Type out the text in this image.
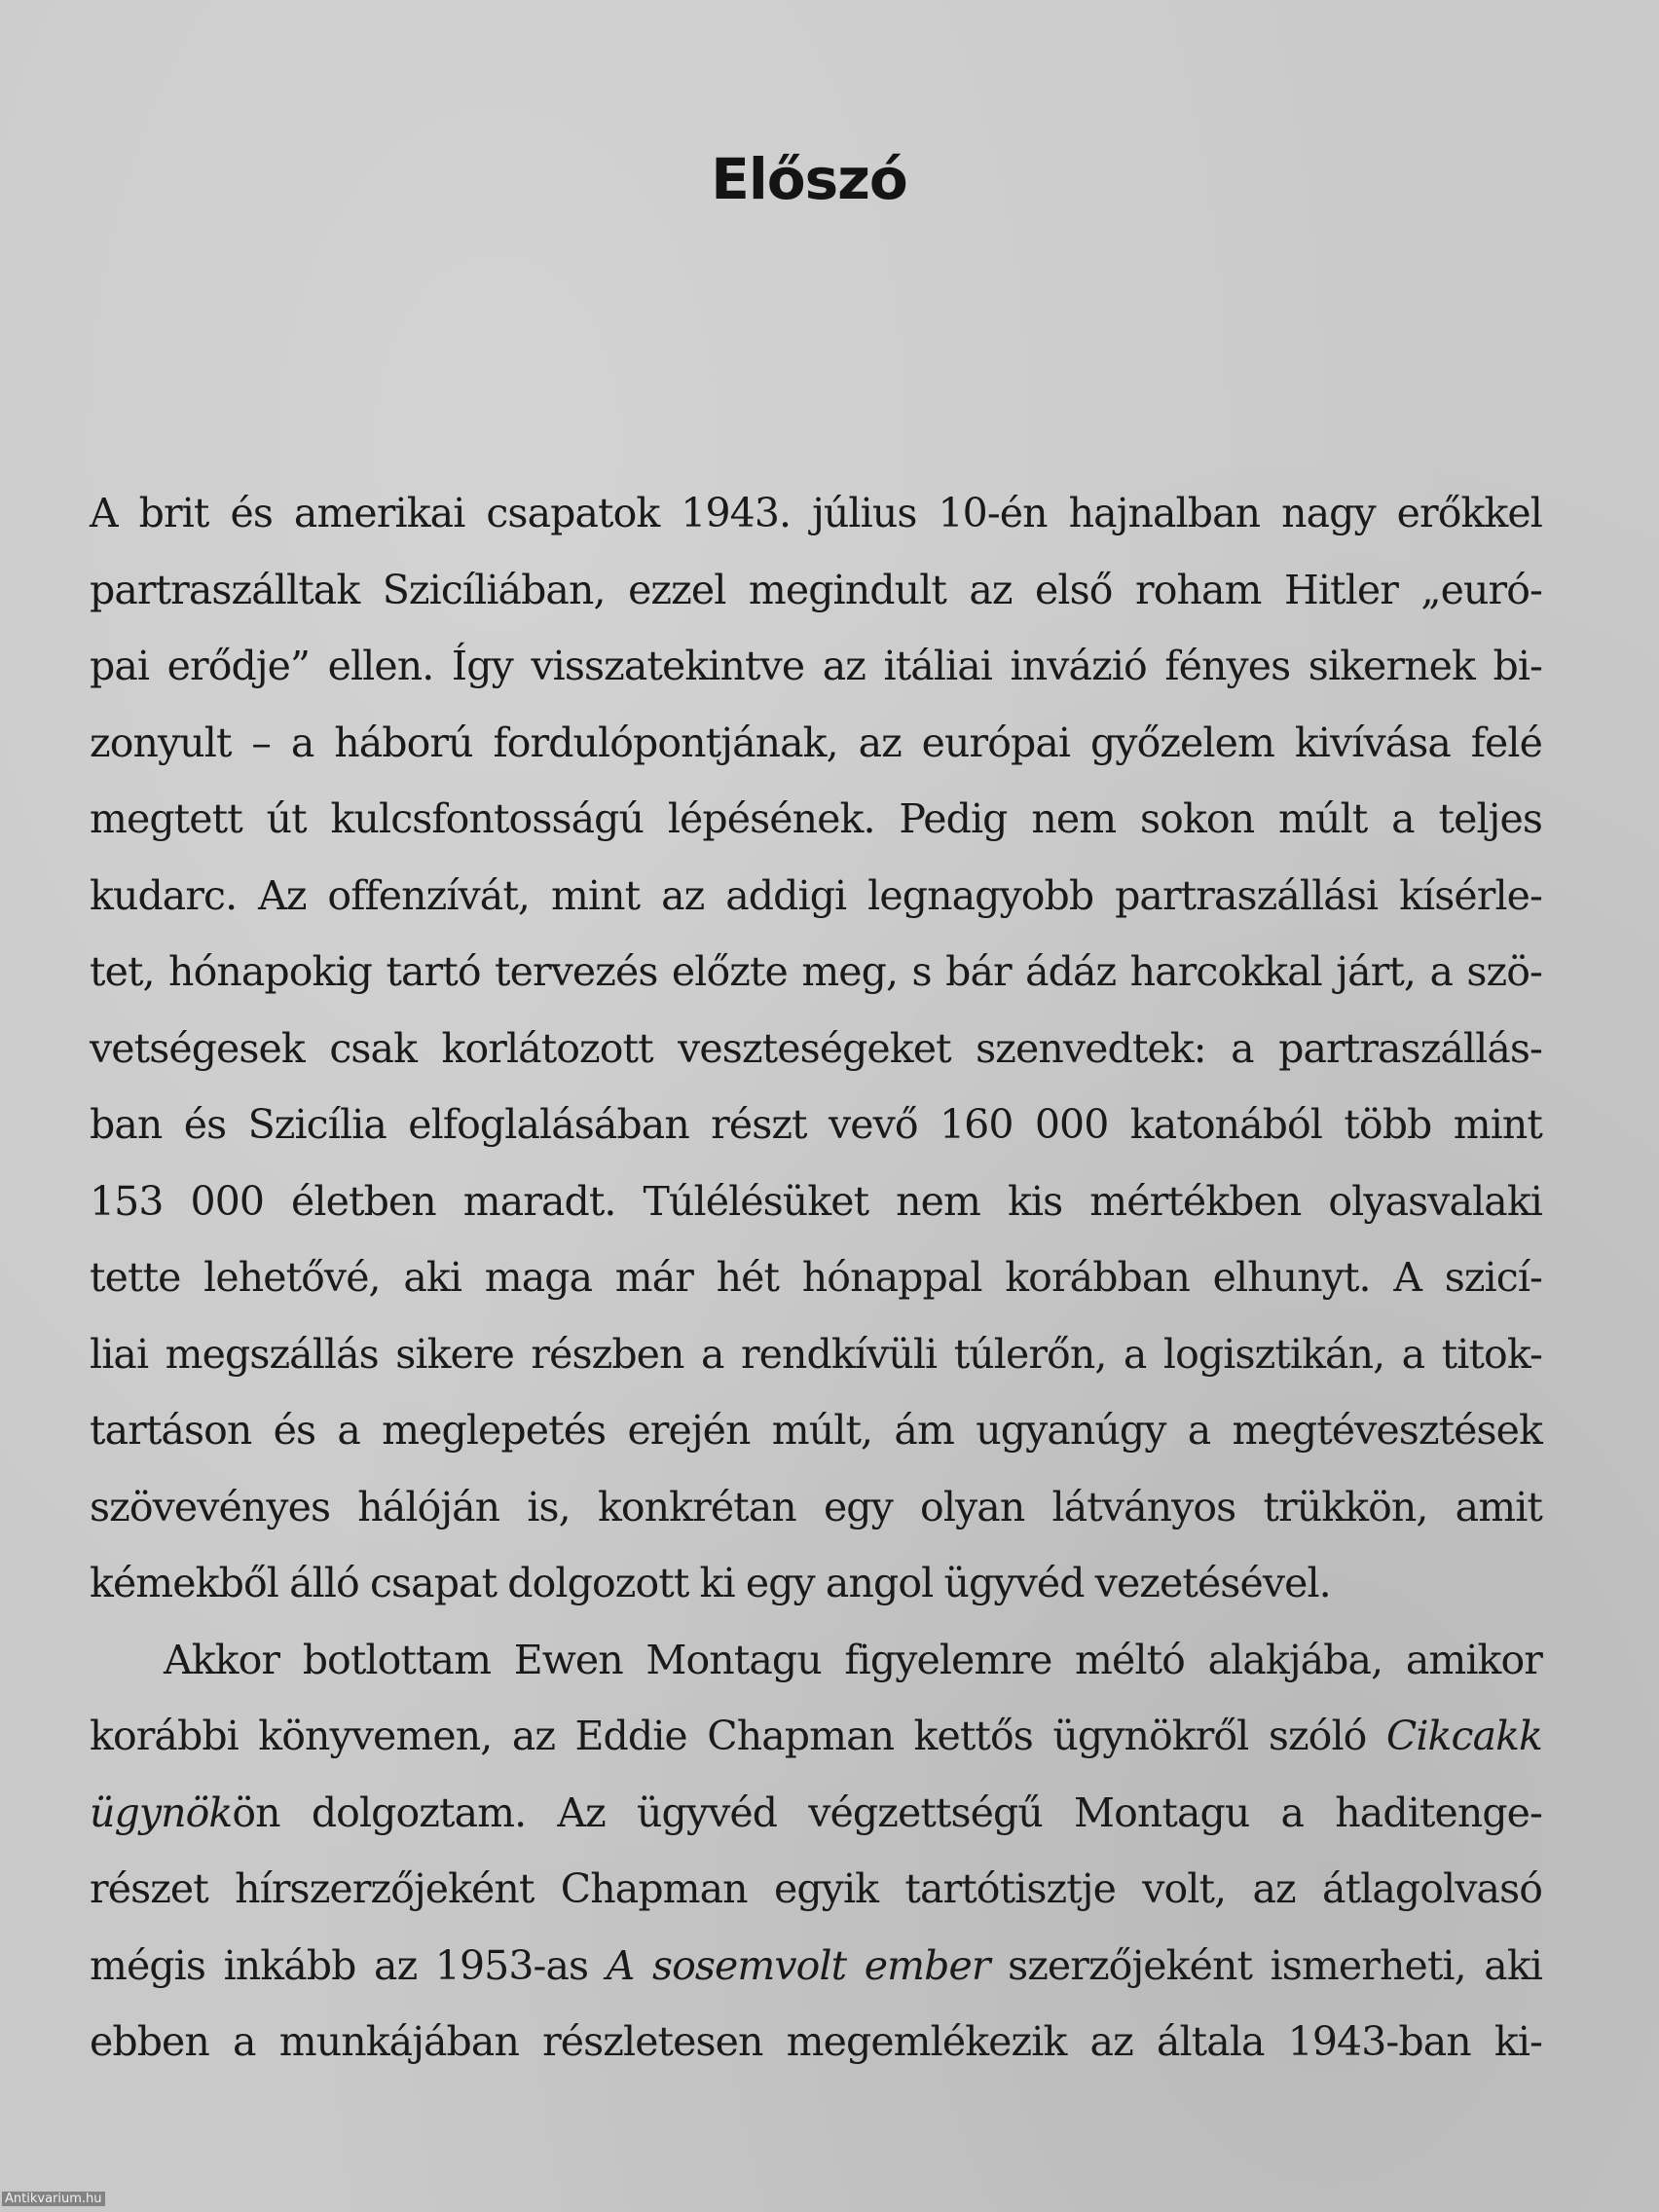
Előszó
A brit és amerikai csapatok 1943. július 10-én hajnalban nagy erőkkel
partraszálltak Szicíliában, ezzel megindult az első roham Hitler „euró-
pai erődje” ellen. Így visszatekintve az itáliai invázió fényes sikernek bi-
zonyult – a háború fordulópontjának, az európai győzelem kivívása felé
megtett út kulcsfontosságú lépésének. Pedig nem sokon múlt a teljes
kudarc. Az offenzívát, mint az addigi legnagyobb partraszállási kísérle-
tet, hónapokig tartó tervezés előzte meg, s bár ádáz harcokkal járt, a szö-
vetségesek csak korlátozott veszteségeket szenvedtek: a partraszállás-
ban és Szicília elfoglalásában részt vevő 160 000 katonából több mint
153 000 életben maradt. Túlélésüket nem kis mértékben olyasvalaki
tette lehetővé, aki maga már hét hónappal korábban elhunyt. A szicí-
liai megszállás sikere részben a rendkívüli túlerőn, a logisztikán, a titok-
tartáson és a meglepetés erején múlt, ám ugyanúgy a megtévesztések
szövevényes hálóján is, konkrétan egy olyan látványos trükkön, amit
kémekből álló csapat dolgozott ki egy angol ügyvéd vezetésével.
Akkor botlottam Ewen Montagu figyelemre méltó alakjába, amikor
korábbi könyvemen, az Eddie Chapman kettős ügynökről szóló Cikcakk
ügynökön dolgoztam. Az ügyvéd végzettségű Montagu a haditenge-
részet hírszerzőjeként Chapman egyik tartótisztje volt, az átlagolvasó
mégis inkább az 1953-as A sosemvolt ember szerzőjeként ismerheti, aki
ebben a munkájában részletesen megemlékezik az általa 1943-ban ki-
Antikvarium.hu
